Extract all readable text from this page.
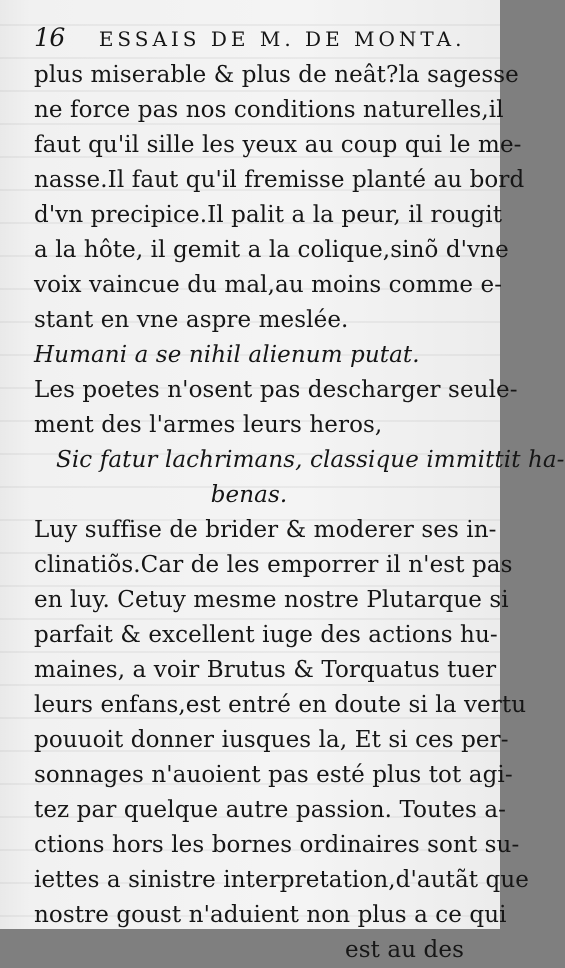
16 ESSAIS DE M. DE MONTA.
plus miserable & plus de neât?la sagesse
ne force pas nos conditions naturelles,il
faut qu'il sille les yeux au coup qui le me-
nasse.Il faut qu'il fremisse planté au bord
d'vn precipice.Il palit a la peur, il rougit
a la hôte, il gemit a la colique,sinõ d'vne
voix vaincue du mal,au moins comme e-
stant en vne aspre meslée.
Humani a se nihil alienum putat.
Les poetes n'osent pas descharger seule-
ment des l'armes leurs heros,
Sic fatur lachrimans, classique immittit ha-
benas.
Luy suffise de brider & moderer ses in-
clinatiõs.Car de les emporrer il n'est pas
en luy. Cetuy mesme nostre Plutarque si
parfait & excellent iuge des actions hu-
maines, a voir Brutus & Torquatus tuer
leurs enfans,est entré en doute si la vertu
pouuoit donner iusques la, Et si ces per-
sonnages n'auoient pas esté plus tot agi-
tez par quelque autre passion. Toutes a-
ctions hors les bornes ordinaires sont su-
iettes a sinistre interpretation,d'autãt que
nostre goust n'aduient non plus a ce qui
est au des
